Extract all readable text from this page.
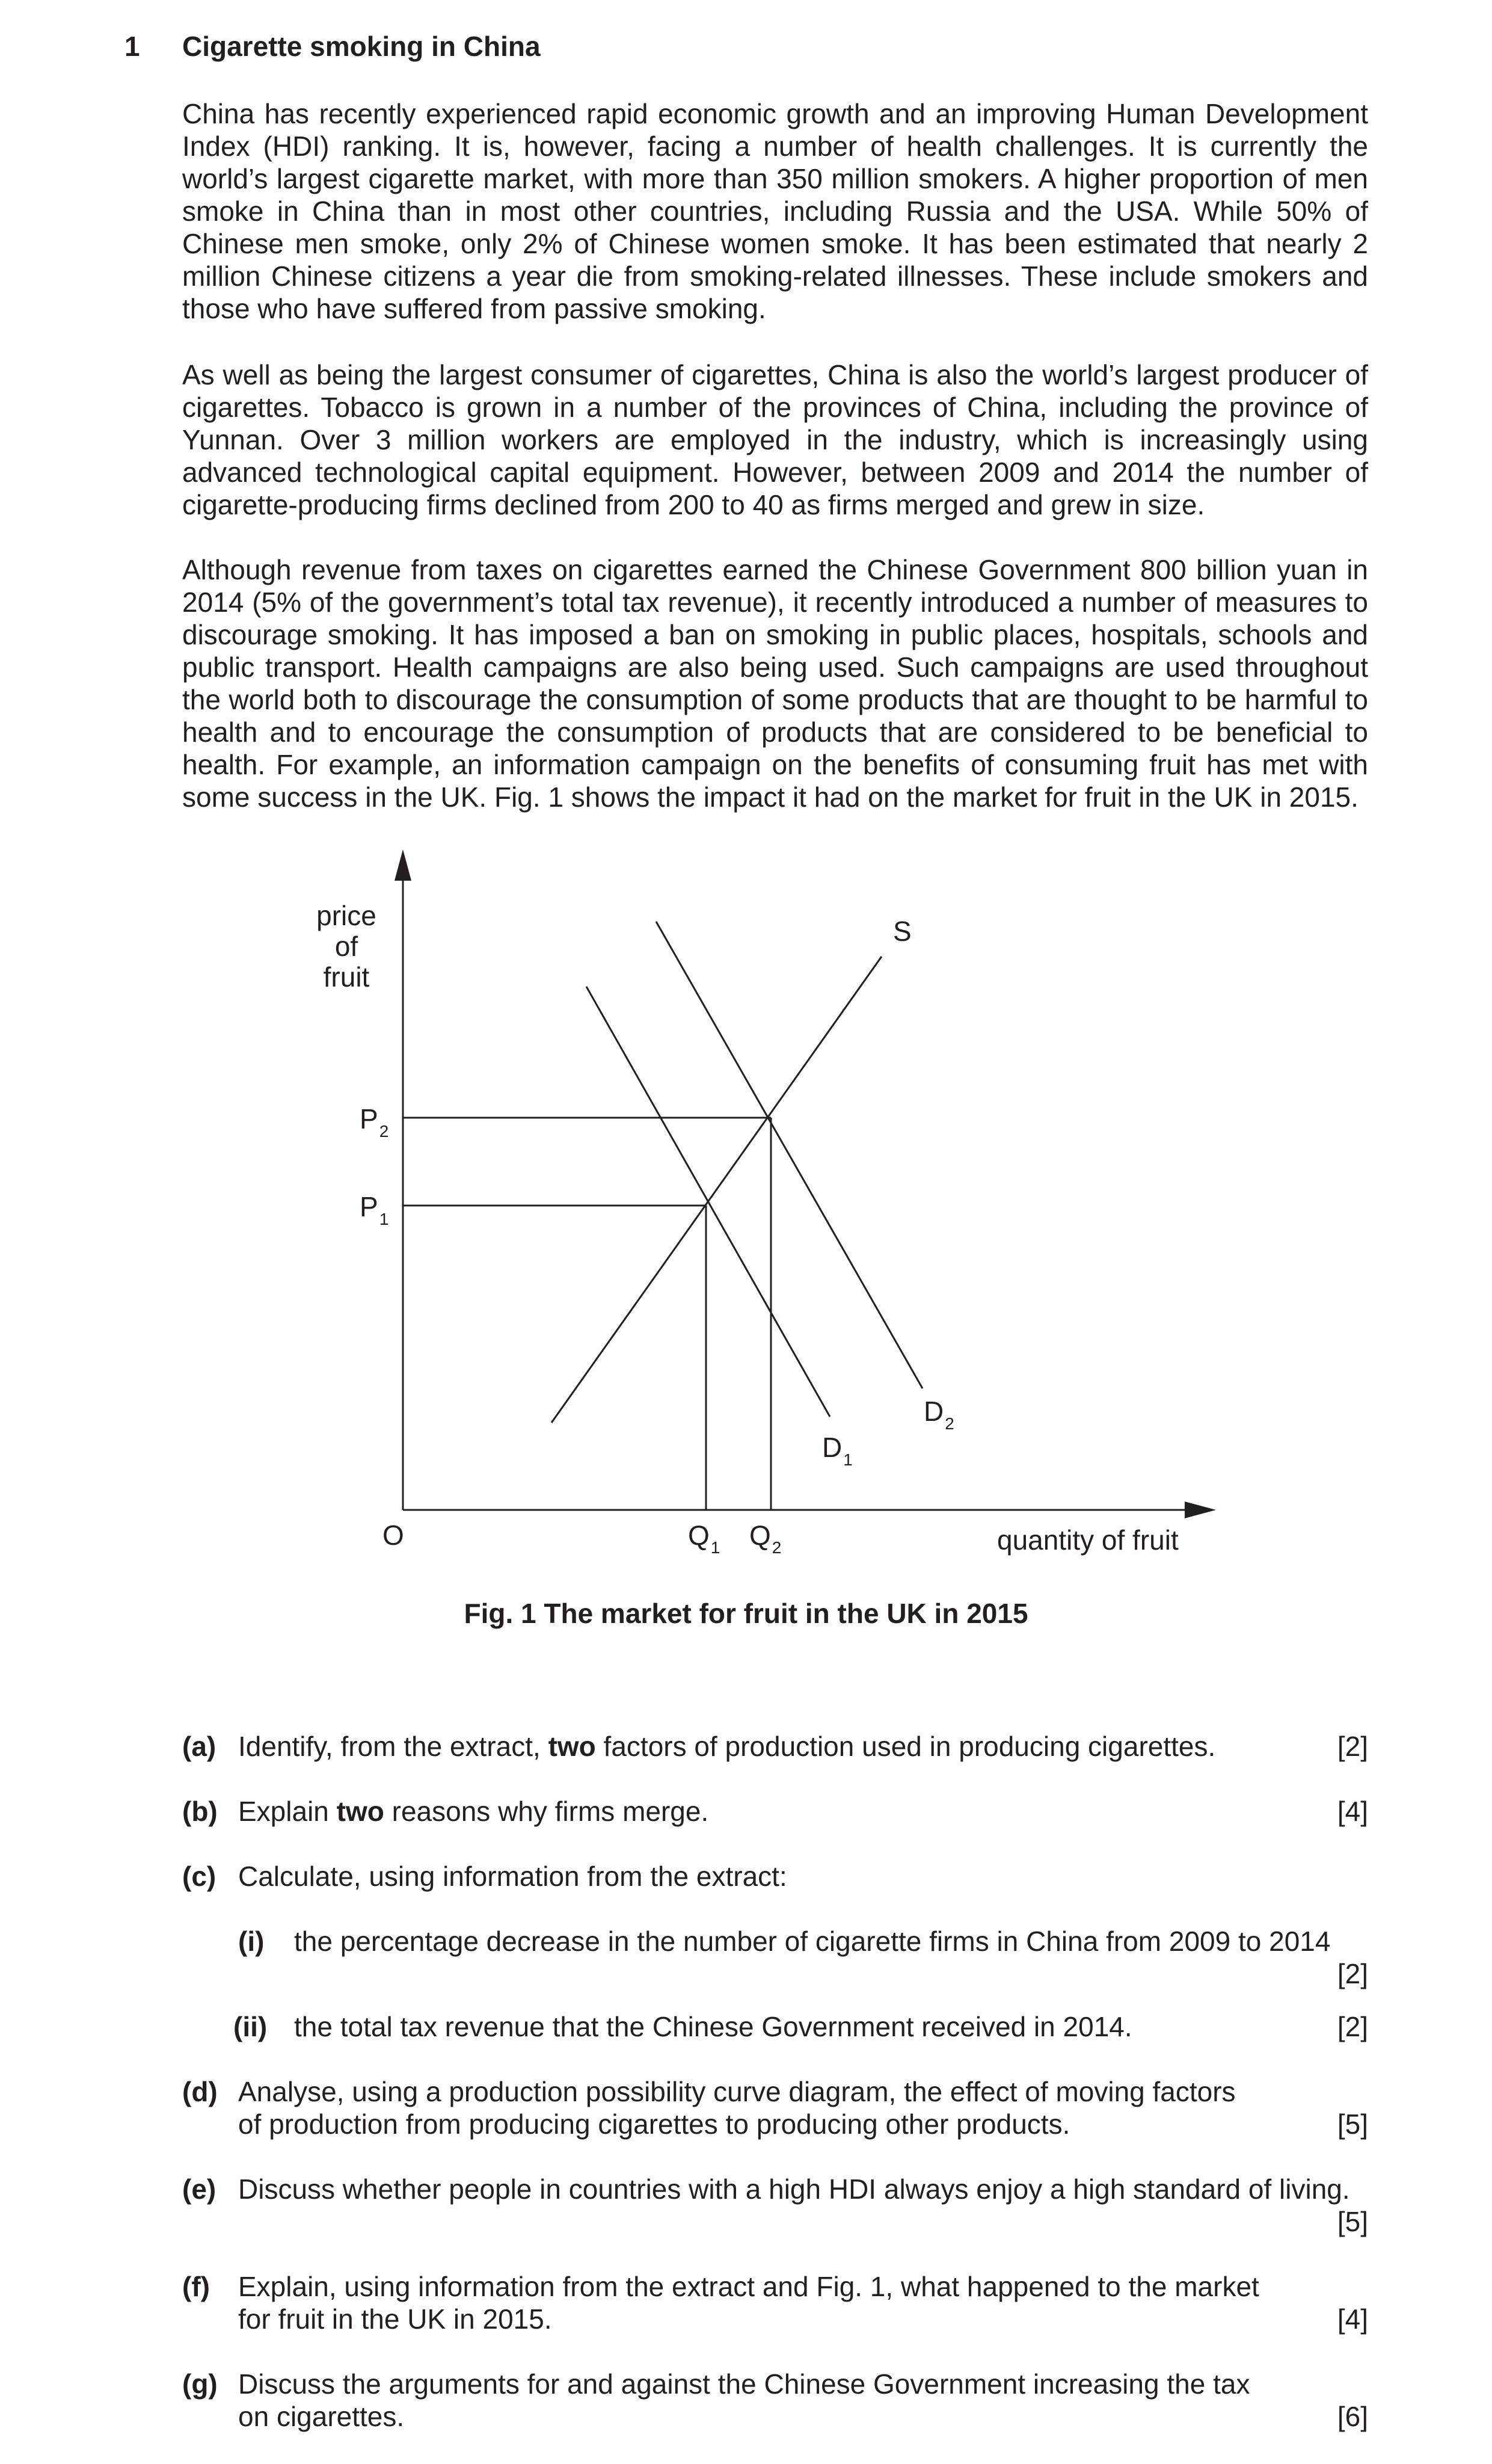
1 Cigarette smoking in China
China has recently experienced rapid economic growth and an improving Human Development Index (HDI) ranking. It is, however, facing a number of health challenges. It is currently the world’s largest cigarette market, with more than 350 million smokers. A higher proportion of men smoke in China than in most other countries, including Russia and the USA. While 50% of Chinese men smoke, only 2% of Chinese women smoke. It has been estimated that nearly 2 million Chinese citizens a year die from smoking-related illnesses. These include smokers and those who have suffered from passive smoking.
As well as being the largest consumer of cigarettes, China is also the world’s largest producer of cigarettes. Tobacco is grown in a number of the provinces of China, including the province of Yunnan. Over 3 million workers are employed in the industry, which is increasingly using advanced technological capital equipment. However, between 2009 and 2014 the number of cigarette-producing firms declined from 200 to 40 as firms merged and grew in size.
Although revenue from taxes on cigarettes earned the Chinese Government 800 billion yuan in 2014 (5% of the government’s total tax revenue), it recently introduced a number of measures to discourage smoking. It has imposed a ban on smoking in public places, hospitals, schools and public transport. Health campaigns are also being used. Such campaigns are used throughout the world both to discourage the consumption of some products that are thought to be harmful to health and to encourage the consumption of products that are considered to be beneficial to health. For example, an information campaign on the benefits of consuming fruit has met with some success in the UK. Fig. 1 shows the impact it had on the market for fruit in the UK in 2015.
price
of
fruit
$P_2$
$P_1$
S
$D_1$
$D_2$
O	$Q_1$ $Q_2$	quantity of fruit
Fig. 1 The market for fruit in the UK in 2015
(a) Identify, from the extract, two factors of production used in producing cigarettes.	[2]
(b) Explain two reasons why firms merge.	[4]
(c) Calculate, using information from the extract:
(i) the percentage decrease in the number of cigarette firms in China from 2009 to 2014
[2]
(ii) the total tax revenue that the Chinese Government received in 2014.	[2]
(d) Analyse, using a production possibility curve diagram, the effect of moving factors of production from producing cigarettes to producing other products.	[5]
(e) Discuss whether people in countries with a high HDI always enjoy a high standard of living.
[5]
(f) Explain, using information from the extract and Fig. 1, what happened to the market for fruit in the UK in 2015.	[4]
(g) Discuss the arguments for and against the Chinese Government increasing the tax on cigarettes.	[6]
